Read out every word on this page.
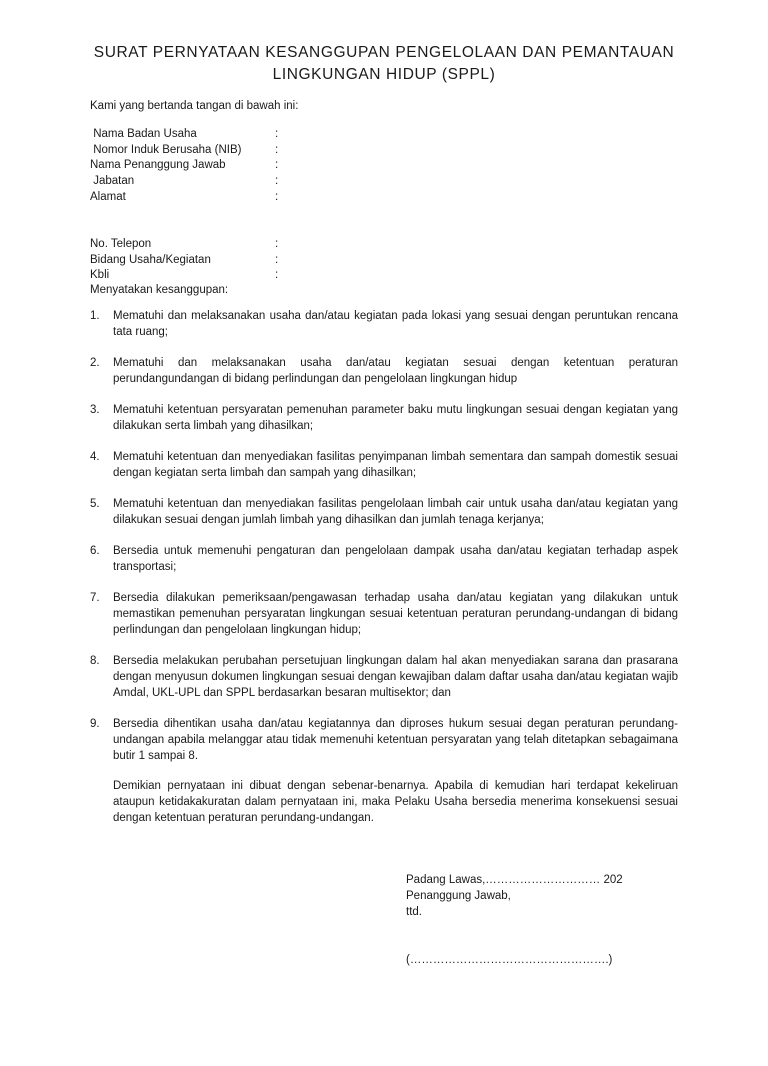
SURAT PERNYATAAN KESANGGUPAN PENGELOLAAN DAN PEMANTAUAN
LINGKUNGAN HIDUP (SPPL)
Kami yang bertanda tangan di bawah ini:
Nama Badan Usaha	:
Nomor Induk Berusaha (NIB)	:
Nama Penanggung Jawab	:
Jabatan	:
Alamat	:
No. Telepon	:
Bidang Usaha/Kegiatan	:
Kbli	:
Menyatakan kesanggupan:
1.	Mematuhi dan melaksanakan usaha dan/atau kegiatan pada lokasi yang sesuai dengan peruntukan rencana tata ruang;
2.	Mematuhi dan melaksanakan usaha dan/atau kegiatan sesuai dengan ketentuan peraturan perundangundangan di bidang perlindungan dan pengelolaan lingkungan hidup
3.	Mematuhi ketentuan persyaratan pemenuhan parameter baku mutu lingkungan sesuai dengan kegiatan yang dilakukan serta limbah yang dihasilkan;
4.	Mematuhi ketentuan dan menyediakan fasilitas penyimpanan limbah sementara dan sampah domestik sesuai dengan kegiatan serta limbah dan sampah yang dihasilkan;
5.	Mematuhi ketentuan dan menyediakan fasilitas pengelolaan limbah cair untuk usaha dan/atau kegiatan yang dilakukan sesuai dengan jumlah limbah yang dihasilkan dan jumlah tenaga kerjanya;
6.	Bersedia untuk memenuhi pengaturan dan pengelolaan dampak usaha dan/atau kegiatan terhadap aspek transportasi;
7.	Bersedia dilakukan pemeriksaan/pengawasan terhadap usaha dan/atau kegiatan yang dilakukan untuk memastikan pemenuhan persyaratan lingkungan sesuai ketentuan peraturan perundang-undangan di bidang perlindungan dan pengelolaan lingkungan hidup;
8.	Bersedia melakukan perubahan persetujuan lingkungan dalam hal akan menyediakan sarana dan prasarana dengan menyusun dokumen lingkungan sesuai dengan kewajiban dalam daftar usaha dan/atau kegiatan wajib Amdal, UKL-UPL dan SPPL berdasarkan besaran multisektor; dan
9.	Bersedia dihentikan usaha dan/atau kegiatannya dan diproses hukum sesuai degan peraturan perundang-undangan apabila melanggar atau tidak memenuhi ketentuan persyaratan yang telah ditetapkan sebagaimana butir 1 sampai 8.
Demikian pernyataan ini dibuat dengan sebenar-benarnya. Apabila di kemudian hari terdapat kekeliruan ataupun ketidakakuratan dalam pernyataan ini, maka Pelaku Usaha bersedia menerima konsekuensi sesuai dengan ketentuan peraturan perundang-undangan.
Padang Lawas,………………………… 202
Penanggung Jawab,
ttd.
(…………………………………………….)
